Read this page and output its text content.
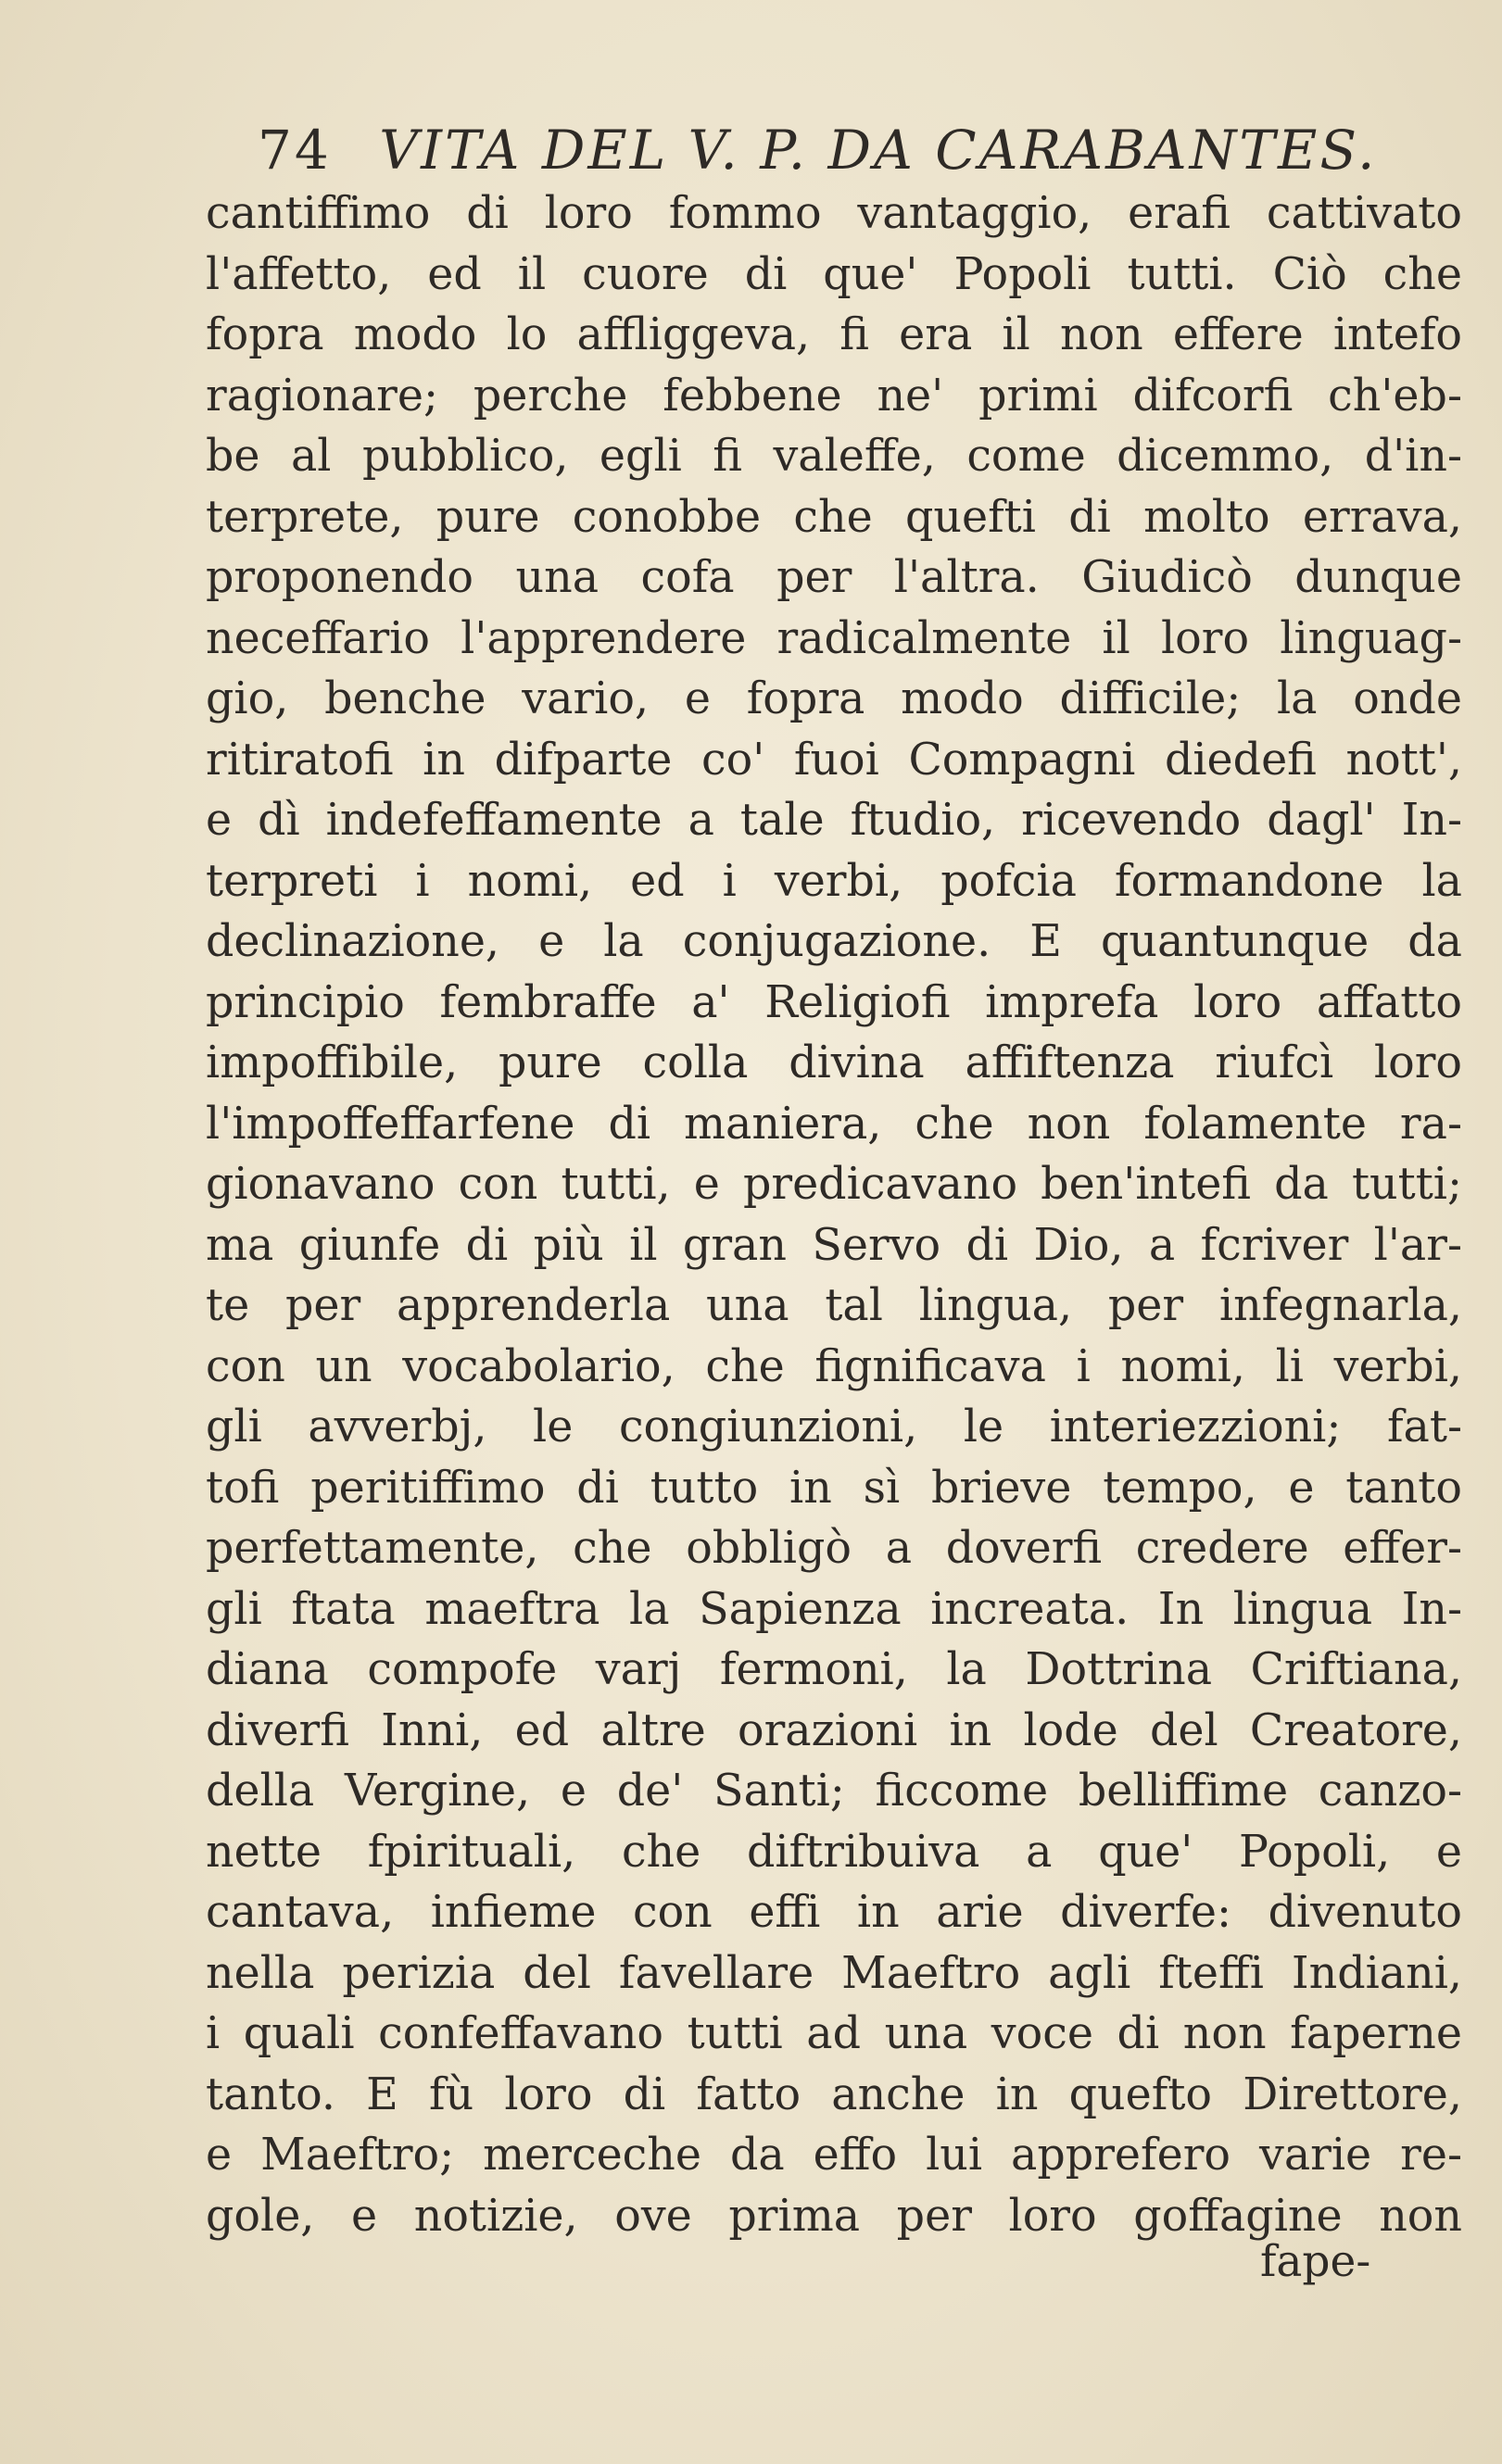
74 VITA DEL V. P. DA CARABANTES.
cantiffimo di loro fommo vantaggio, erafi cattivato
l'affetto, ed il cuore di que' Popoli tutti. Ciò che
fopra modo lo affliggeva, fi era il non effere intefo
ragionare; perche febbene ne' primi difcorfi ch'eb-
be al pubblico, egli fi valeffe, come dicemmo, d'in-
terprete, pure conobbe che quefti di molto errava,
proponendo una cofa per l'altra. Giudicò dunque
neceffario l'apprendere radicalmente il loro linguag-
gio, benche vario, e fopra modo difficile; la onde
ritiratofi in difparte co' fuoi Compagni diedefi nott',
e dì indefeffamente a tale ftudio, ricevendo dagl' In-
terpreti i nomi, ed i verbi, pofcia formandone la
declinazione, e la conjugazione. E quantunque da
principio fembraffe a' Religiofi imprefa loro affatto
impoffibile, pure colla divina affiftenza riufcì loro
l'impoffeffarfene di maniera, che non folamente ra-
gionavano con tutti, e predicavano ben'intefi da tutti;
ma giunfe di più il gran Servo di Dio, a fcriver l'ar-
te per apprenderla una tal lingua, per infegnarla,
con un vocabolario, che fignificava i nomi, li verbi,
gli avverbj, le congiunzioni, le interiezzioni; fat-
tofi peritiffimo di tutto in sì brieve tempo, e tanto
perfettamente, che obbligò a doverfi credere effer-
gli ftata maeftra la Sapienza increata. In lingua In-
diana compofe varj fermoni, la Dottrina Criftiana,
diverfi Inni, ed altre orazioni in lode del Creatore,
della Vergine, e de' Santi; ficcome belliffime canzo-
nette fpirituali, che diftribuiva a que' Popoli, e
cantava, infieme con effi in arie diverfe: divenuto
nella perizia del favellare Maeftro agli fteffi Indiani,
i quali confeffavano tutti ad una voce di non faperne
tanto. E fù loro di fatto anche in quefto Direttore,
e Maeftro; merceche da effo lui apprefero varie re-
gole, e notizie, ove prima per loro goffagine non
fape-
